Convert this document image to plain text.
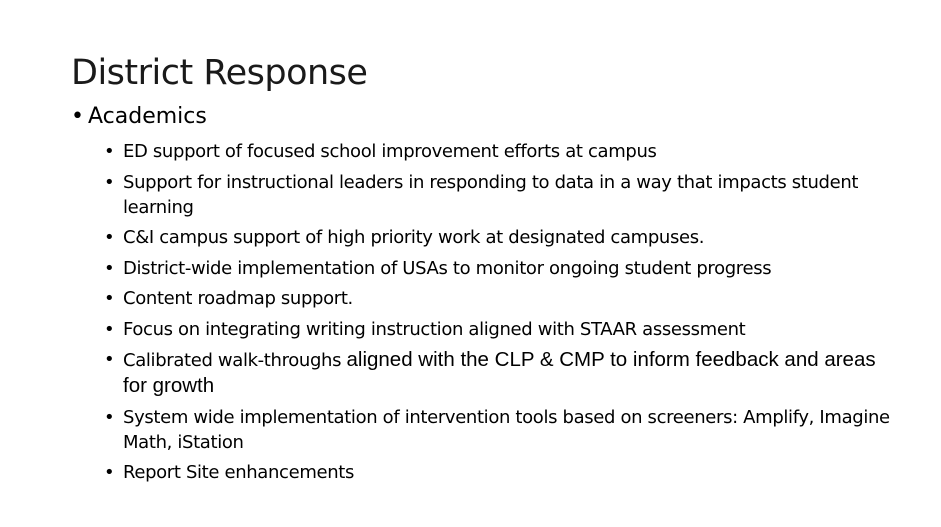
District Response
• Academics
• ED support of focused school improvement efforts at campus
• Support for instructional leaders in responding to data in a way that impacts student learning
• C&I campus support of high priority work at designated campuses.
• District-wide implementation of USAs to monitor ongoing student progress
• Content roadmap support.
• Focus on integrating writing instruction aligned with STAAR assessment
• Calibrated walk-throughs aligned with the CLP & CMP to inform feedback and areas for growth
• System wide implementation of intervention tools based on screeners: Amplify, Imagine Math, iStation
• Report Site enhancements
